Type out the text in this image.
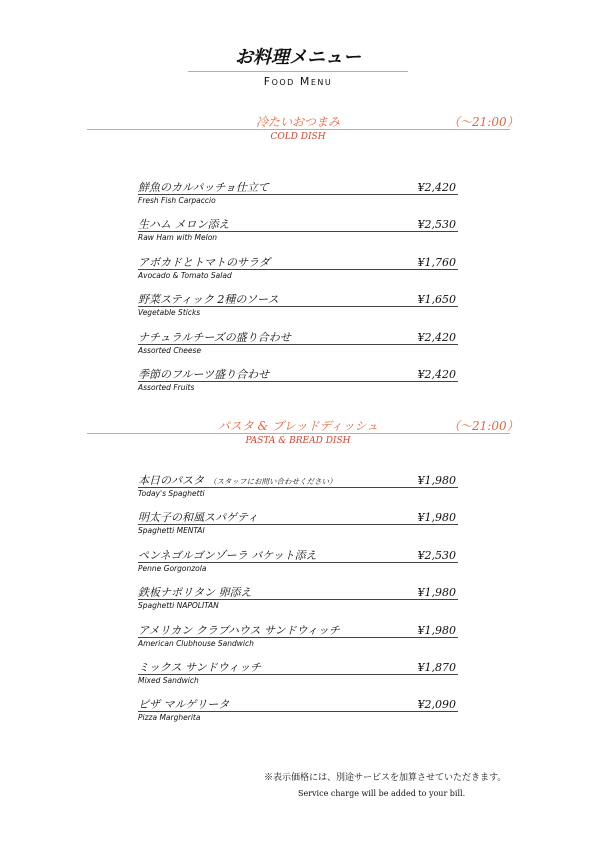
お料理メニュー
Food Menu
冷たいおつまみ	（～21:00）
COLD DISH
鮮魚のカルパッチョ仕立て	¥2,420
Fresh Fish Carpaccio
生ハム メロン添え	¥2,530
Raw Ham with Melon
アボカドとトマトのサラダ	¥1,760
Avocado & Tomato Salad
野菜スティック 2種のソース	¥1,650
Vegetable Sticks
ナチュラルチーズの盛り合わせ	¥2,420
Assorted Cheese
季節のフルーツ盛り合わせ	¥2,420
Assorted Fruits
パスタ & ブレッドディッシュ	（～21:00）
PASTA & BREAD DISH
本日のパスタ （スタッフにお問い合わせください）	¥1,980
Today's Spaghetti
明太子の和風スパゲティ	¥1,980
Spaghetti MENTAI
ペンネゴルゴンゾーラ バケット添え	¥2,530
Penne Gorgonzola
鉄板ナポリタン 卵添え	¥1,980
Spaghetti NAPOLITAN
アメリカン クラブハウス サンドウィッチ	¥1,980
American Clubhouse Sandwich
ミックス サンドウィッチ	¥1,870
Mixed Sandwich
ピザ マルゲリータ	¥2,090
Pizza Margherita
※表示価格には、別途サービスを加算させていただきます。
Service charge will be added to your bill.
